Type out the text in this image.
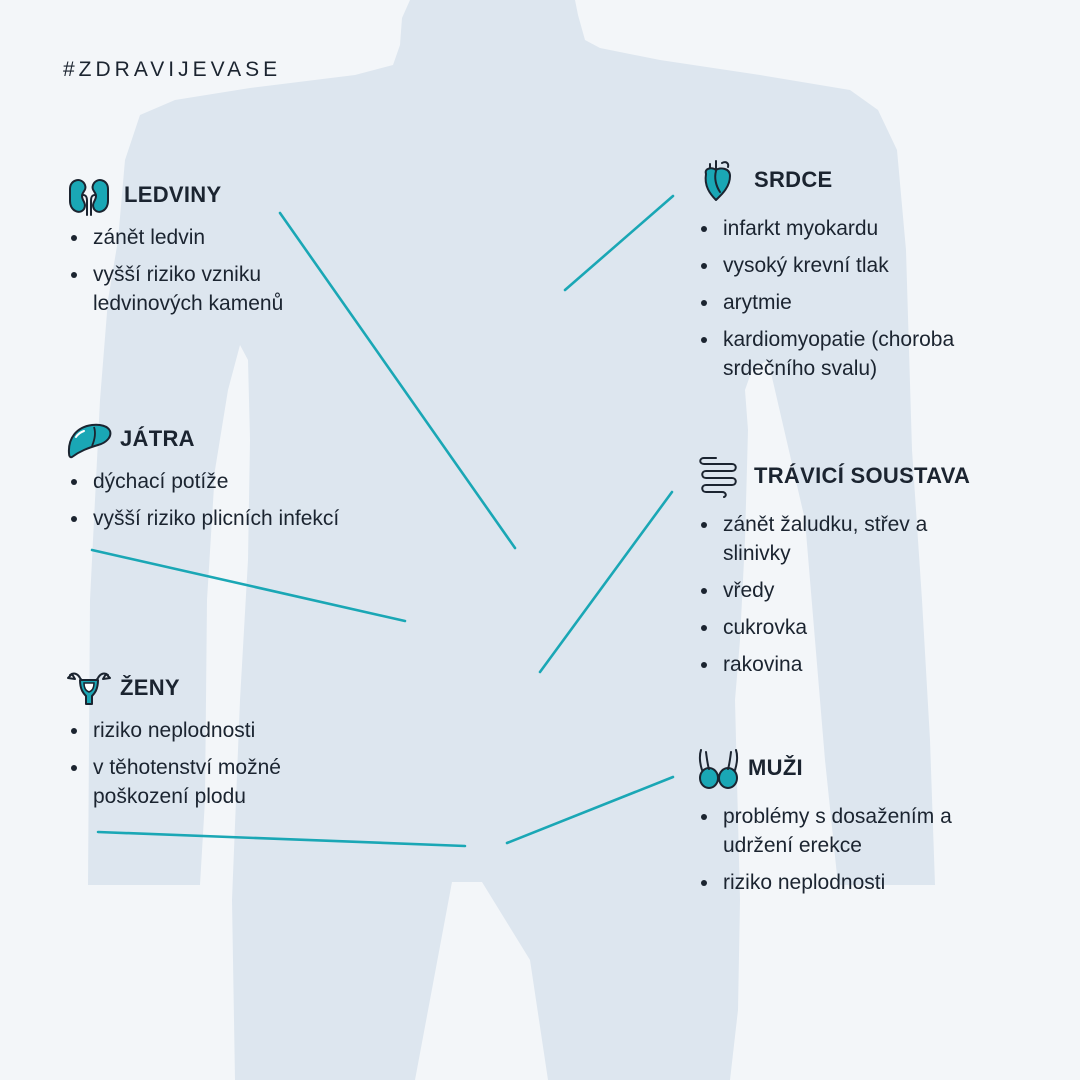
#ZDRAVIJEVASE
LEDVINY
zánět ledvin
vyšší riziko vzniku ledvinových kamenů
JÁTRA
dýchací potíže
vyšší riziko plicních infekcí
ŽENY
riziko neplodnosti
v těhotenství možné poškození plodu
SRDCE
infarkt myokardu
vysoký krevní tlak
arytmie
kardiomyopatie (choroba srdečního svalu)
TRÁVICÍ SOUSTAVA
zánět žaludku, střev a slinivky
vředy
cukrovka
rakovina
MUŽI
problémy s dosažením a udržení erekce
riziko neplodnosti
